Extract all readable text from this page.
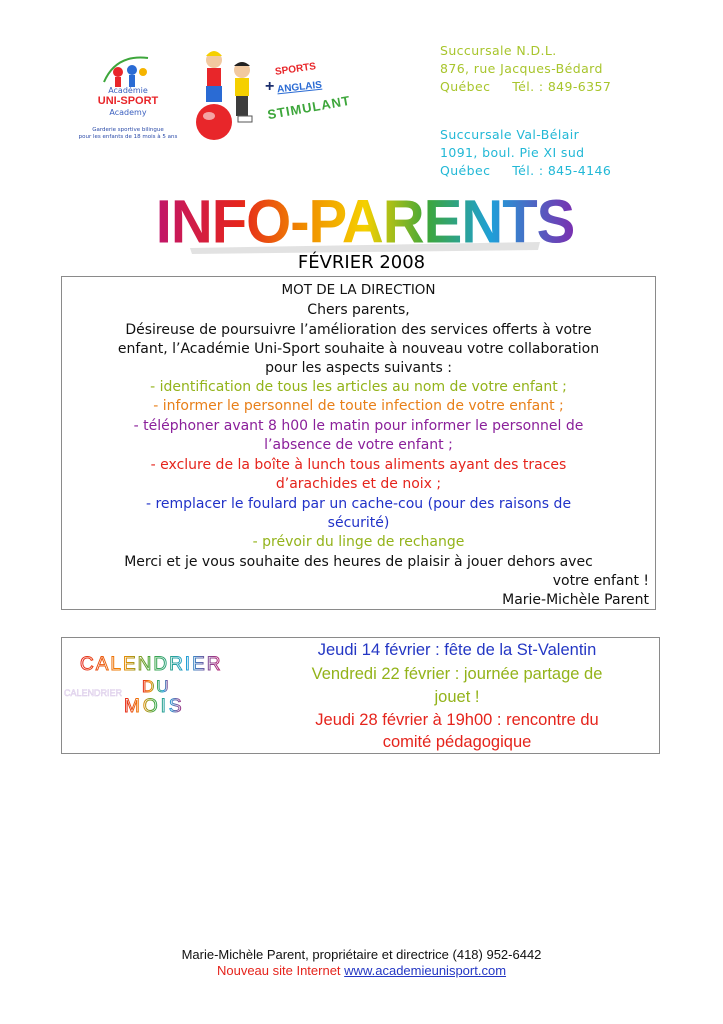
Académie
UNI-SPORT
Academy
Garderie sportive bilingue
pour les enfants de 18 mois à 5 ans
+
SPORTS
ANGLAIS
STIMULANT
Succursale N.D.L.
876, rue Jacques-Bédard
Québec     Tél. : 849-6357
Succursale Val-Bélair
1091, boul. Pie XI sud
Québec     Tél. : 845-4146
INFO-PARENTS
FÉVRIER 2008
MOT DE LA DIRECTION
Chers parents,
Désireuse de poursuivre l’amélioration des services offerts à votre
enfant, l’Académie Uni-Sport souhaite à nouveau votre collaboration
pour les aspects suivants :
- identification de tous les articles au nom de votre enfant ;
- informer le personnel de toute infection de votre enfant ;
- téléphoner avant 8 h00 le matin pour informer le personnel de
l’absence de votre enfant ;
- exclure de la boîte à lunch tous aliments ayant des traces
d’arachides et de noix ;
- remplacer le foulard par un cache-cou (pour des raisons de
sécurité)
- prévoir du linge de rechange
Merci et je vous souhaite des heures de plaisir à jouer dehors avec
votre enfant !
Marie-Michèle Parent
CALENDRIER
DU
MOIS
CALENDRIER
Jeudi 14 février : fête de la St-Valentin
Vendredi 22 février : journée partage de
jouet !
Jeudi 28 février à 19h00 : rencontre du
comité pédagogique
Marie-Michèle Parent, propriétaire et directrice (418) 952-6442
Nouveau site Internet www.academieunisport.com
